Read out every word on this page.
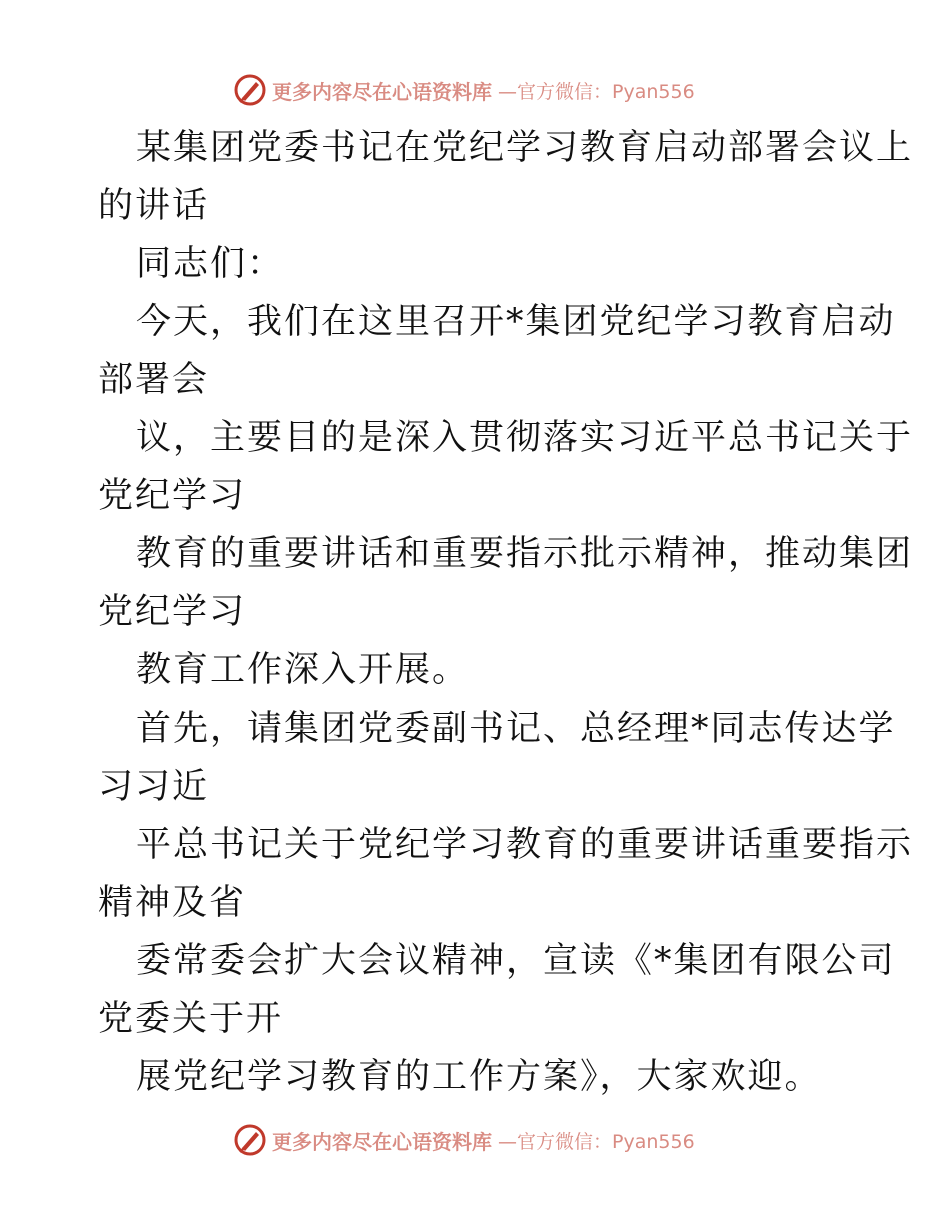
更多内容尽在心语资料库 —官方微信：Pyan556
某集团党委书记在党纪学习教育启动部署会议上
的讲话
同志们：
今天，我们在这里召开*集团党纪学习教育启动
部署会
议，主要目的是深入贯彻落实习近平总书记关于
党纪学习
教育的重要讲话和重要指示批示精神，推动集团
党纪学习
教育工作深入开展。
首先，请集团党委副书记、总经理*同志传达学
习习近
平总书记关于党纪学习教育的重要讲话重要指示
精神及省
委常委会扩大会议精神，宣读《*集团有限公司
党委关于开
展党纪学习教育的工作方案》，大家欢迎。
更多内容尽在心语资料库 —官方微信：Pyan556
